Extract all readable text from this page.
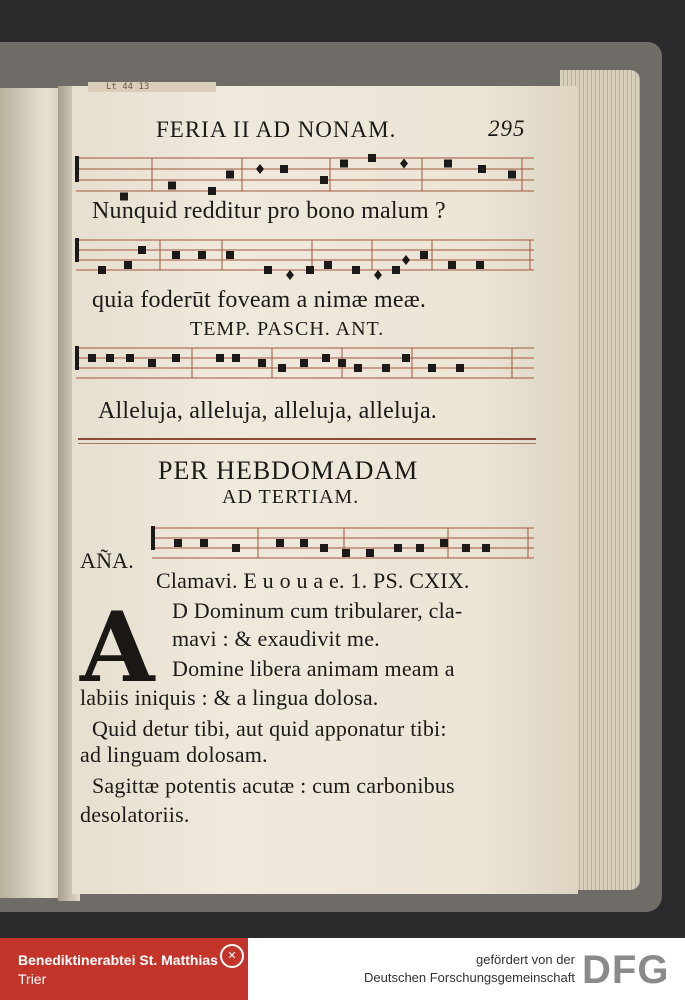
Lt 44 13
FERIA II AD NONAM.	295
Nunquid redditur pro bono malum ?
quia foderūt foveam a nimæ meæ.
TEMP. PASCH. ANT.
Alleluja, alleluja, alleluja, alleluja.
PER HEBDOMADAM
AD TERTIAM.
AÑA.
Clamavi. E u o u a e. 1. PS. CXIX.
A D Dominum cum tribularer, cla-
mavi : & exaudivit me.
Domine libera animam meam a
labiis iniquis : & a lingua dolosa.
Quid detur tibi, aut quid apponatur tibi:
ad linguam dolosam.
Sagittæ potentis acutæ : cum carbonibus
desolatoriis.
Benediktinerabtei St. Matthias
Trier
✕	gefördert von der
Deutschen Forschungsgemeinschaft DFG
